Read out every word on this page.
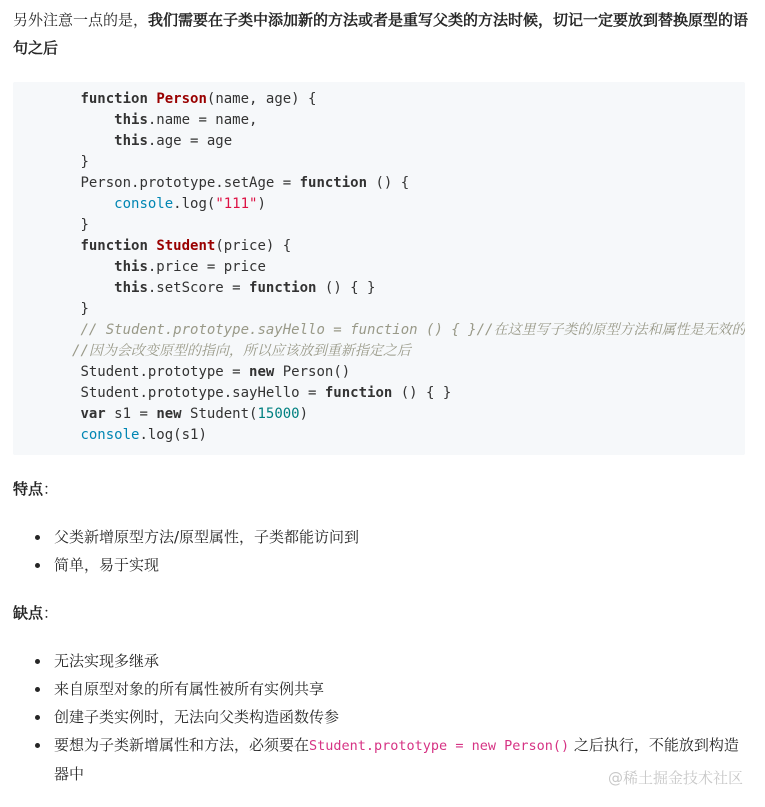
另外注意一点的是，我们需要在子类中添加新的方法或者是重写父类的方法时候，切记一定要放到替换原型的语句之后

function Person(name, age) {
this.name = name,
this.age = age
}
Person.prototype.setAge = function () {
console.log("111")
}
function Student(price) {
this.price = price
this.setScore = function () { }
}
// Student.prototype.sayHello = function () { }//在这里写子类的原型方法和属性是无效的
//因为会改变原型的指向，所以应该放到重新指定之后
Student.prototype = new Person()
Student.prototype.sayHello = function () { }
var s1 = new Student(15000)
console.log(s1)

特点：

父类新增原型方法/原型属性，子类都能访问到
简单，易于实现

缺点：

无法实现多继承
来自原型对象的所有属性被所有实例共享
创建子类实例时，无法向父类构造函数传参
要想为子类新增属性和方法，必须要在Student.prototype = new Person() 之后执行，不能放到构造器中	@稀土掘金技术社区
